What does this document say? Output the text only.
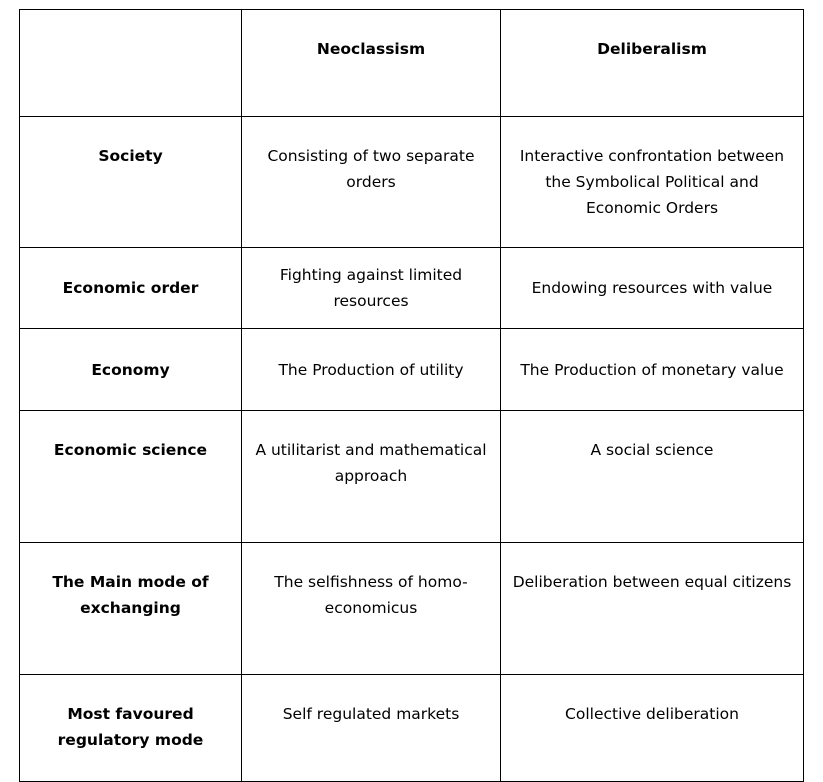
	Neoclassism	Deliberalism
Society	Consisting of two separate orders	Interactive confrontation between the Symbolical Political and Economic Orders
Economic order	Fighting against limited resources	Endowing resources with value
Economy	The Production of utility	The Production of monetary value
Economic science	A utilitarist and mathematical approach	A social science
The Main mode of exchanging	The selfishness of homo-economicus	Deliberation between equal citizens
Most favoured regulatory mode	Self regulated markets	Collective deliberation
